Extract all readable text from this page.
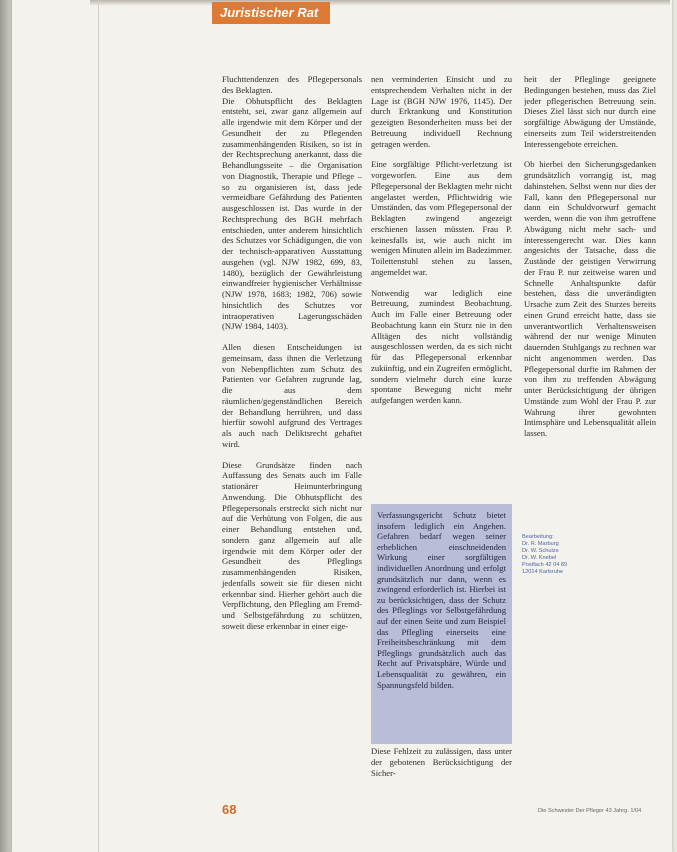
Juristischer Rat

Fluchttendenzen des Pflegepersonals des Beklagten.
Die Obhutspflicht des Beklagten entsteht, sei, zwar ganz allgemein auf alle irgendwie mit dem Körper und der Gesundheit der zu Pflegenden zusammenhängenden Risiken, so ist in der Rechtsprechung anerkannt, dass die Behandlungsseite – die Organisation von Diagnostik, Therapie und Pflege – so zu organisieren ist, dass jede vermeidbare Gefährdung des Patienten ausgeschlossen ist. Das wurde in der Rechtsprechung des BGH mehrfach entschieden, unter anderem hinsichtlich des Schutzes vor Schädigungen, die von der technisch-apparativen Ausstattung ausgehen (vgl. NJW 1982, 699, 83, 1480), bezüglich der Gewährleistung einwandfreier hygienischer Verhältnisse (NJW 1978, 1683; 1982, 706) sowie hinsichtlich des Schutzes vor intraoperativen Lagerungsschäden (NJW 1984, 1403).

Allen diesen Entscheidungen ist gemeinsam, dass ihnen die Verletzung von Nebenpflichten zum Schutz des Patienten vor Gefahren zugrunde lag, die aus dem räumlichen/gegenständlichen Bereich der Behandlung herrühren, und dass hierfür sowohl aufgrund des Vertrages als auch nach Deliktsrecht gehaftet wird.

Diese Grundsätze finden nach Auffassung des Senats auch im Falle stationärer Heimunterbringung Anwendung. Die Obhutspflicht des Pflegepersonals erstreckt sich nicht nur auf die Verhütung von Folgen, die aus einer Behandlung entstehen und, sondern ganz allgemein auf alle irgendwie mit dem Körper oder der Gesundheit des Pfleglings zusammenhängenden Risiken, jedenfalls soweit sie für diesen nicht erkennbar sind. Hierher gehört auch die Verpflichtung, den Pflegling am Fremd- und Selbstgefährdung zu schützen, soweit diese erkennbar in einer eige-

nen verminderten Einsicht und zu entsprechendem Verhalten nicht in der Lage ist (BGH NJW 1976, 1145). Der durch Erkrankung und Konstitution gezeigten Besonderheiten muss bei der Betreuung individuell Rechnung getragen werden.

Eine sorgfältige Pflicht-verletzung ist vorgeworfen. Eine aus dem Pflegepersonal der Beklagten mehr nicht angelastet werden, Pflichtwidrig wie Umständen, das vom Pflegepersonal der Beklagten zwingend angezeigt erschienen lassen müssten. Frau P. keinesfalls ist, wie auch nicht im wenigen Minuten allein im Badezimmer. Toilettenstuhl stehen zu lassen, angemeldet war.

Notwendig war lediglich eine Betreuung, zumindest Beobachtung. Auch im Falle einer Betreuung oder Beobachtung kann ein Sturz nie in den Alltägen des nicht vollständig ausgeschlossen werden, da es sich nicht für das Pflegepersonal erkennbar zukünftig, und ein Zugreifen ermöglicht, sondern vielmehr durch eine kurze spontane Bewegung nicht mehr aufgefangen werden kann.

Verfassungsgericht Schutz bietet insofern lediglich ein Angehen. Gefahren bedarf wegen seiner erheblichen einschneidenden Wirkung einer sorgfältigen individuellen Anordnung und erfolgt grundsätzlich nur dann, wenn es zwingend erforderlich ist. Hierbei ist zu berücksichtigen, dass der Schutz des Pfleglings vor Selbstgefährdung auf der einen Seite und zum Beispiel das Pflegling einerseits eine Freiheitsbeschränkung mit dem Pfleglings grundsätzlich auch das Recht auf Privatsphäre, Würde und Lebensqualität zu gewähren, ein Spannungsfeld bilden.

Diese Fehlzeit zu zulässigen, dass unter der gebotenen Berücksichtigung der Sicher-

heit der Pfleglinge geeignete Bedingungen bestehen, muss das Ziel jeder pflegerischen Betreuung sein. Dieses Ziel lässt sich nur durch eine sorgfältige Abwägung der Umstände, einerseits zum Teil widerstreitenden Interessengebote erreichen.

Ob hierbei den Sicherungsgedanken grundsätzlich vorrangig ist, mag dahinstehen. Selbst wenn nur dies der Fall, kann den Pflegepersonal nur dann ein Schuldvorwurf gemacht werden, wenn die von ihm getroffene Abwägung nicht mehr sach- und interessengerecht war. Dies kann angesichts der Tatsache, dass die Zustände der geistigen Verwirrung der Frau P. nur zeitweise waren und Schnelle Anhaltspunkte dafür bestehen, dass die unverändigten Ursache zum Zeit des Sturzes bereits einen Grund erreicht hatte, dass sie unverantwortlich Verhaltensweisen während der nur wenige Minuten dauernden Stuhlgangs zu rechnen war nicht angenommen werden. Das Pflegepersonal durfte im Rahmen der von ihm zu treffenden Abwägung unter Berücksichtigung der übrigen Umstände zum Wohl der Frau P. zur Wahrung ihrer gewohnten Intimsphäre und Lebensqualität allein lassen.

Bearbeitung:
Dr. R. Marburg
Dr. W. Schulze
Dr. W. Knebel
Postfach 42 04 89
12014 Karlsruhe
68	Die Schwester Der Pfleger 43 Jahrg. 1/04
